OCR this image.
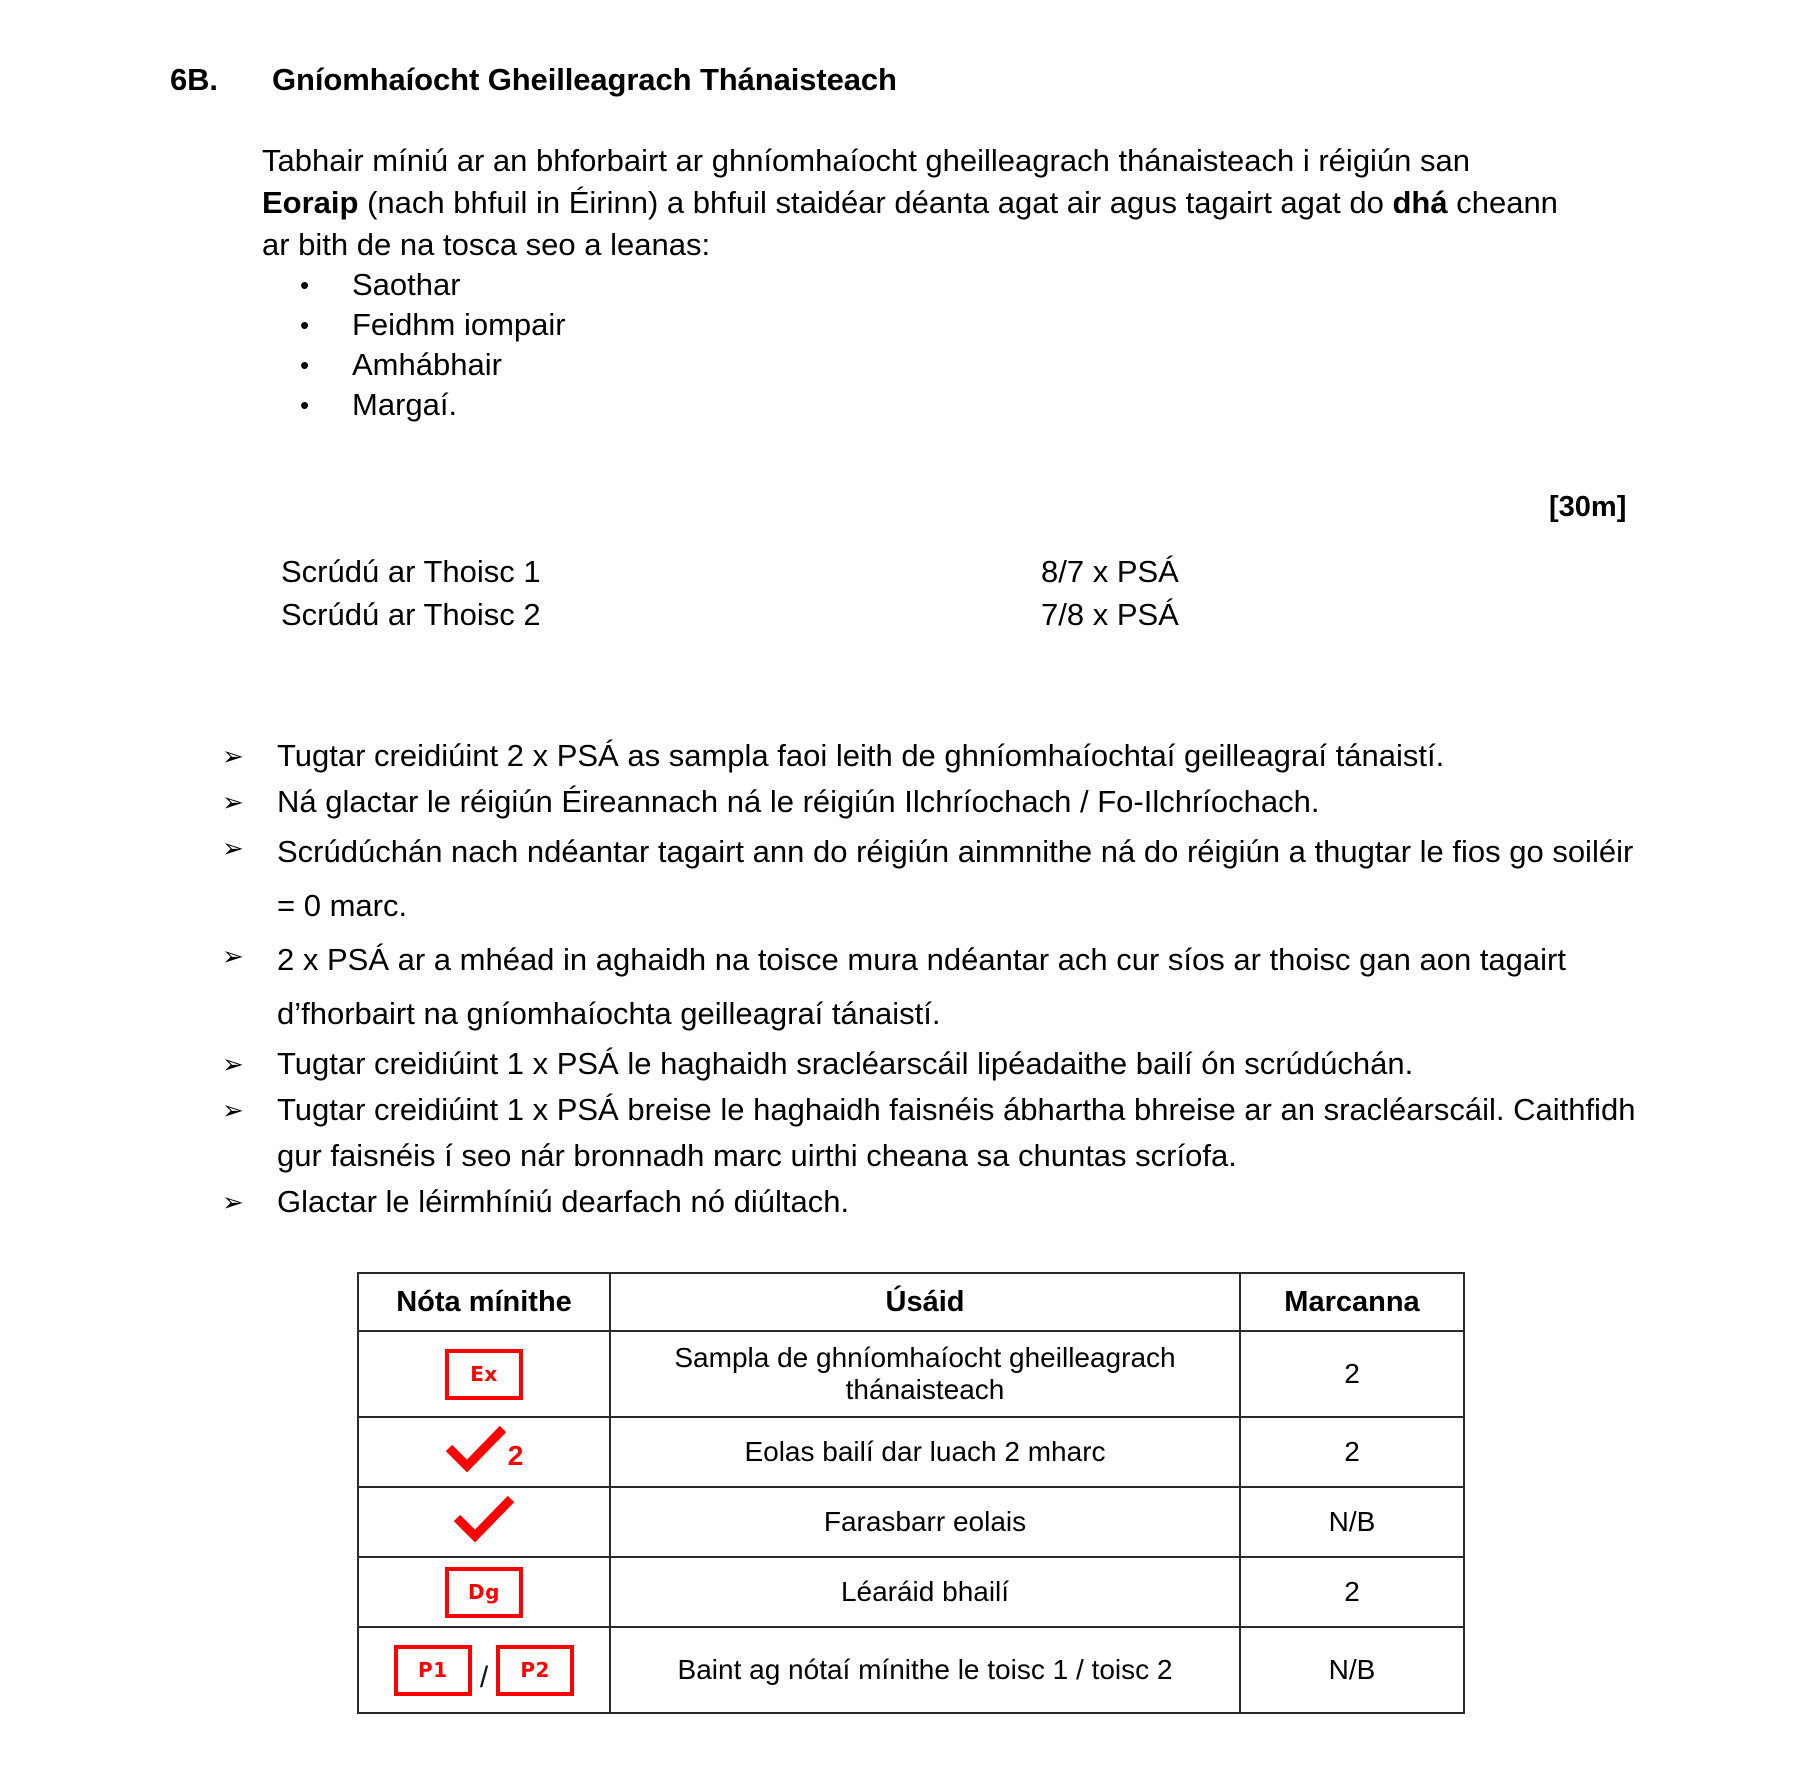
6B. Gníomhaíocht Gheilleagrach Thánaisteach
Tabhair míniú ar an bhforbairt ar ghníomhaíocht gheilleagrach thánaisteach i réigiún san Eoraip (nach bhfuil in Éirinn) a bhfuil staidéar déanta agat air agus tagairt agat do dhá cheann ar bith de na tosca seo a leanas:
•	Saothar
•	Feidhm iompair
•	Amhábhair
•	Margaí.
[30m]
Scrúdú ar Thoisc 1	8/7 x PSÁ
Scrúdú ar Thoisc 2	7/8 x PSÁ
➢	Tugtar creidiúint 2 x PSÁ as sampla faoi leith de ghníomhaíochtaí geilleagraí tánaistí.
➢	Ná glactar le réigiún Éireannach ná le réigiún Ilchríochach / Fo-Ilchríochach.
➢	Scrúdúchán nach ndéantar tagairt ann do réigiún ainmnithe ná do réigiún a thugtar le fios go soiléir = 0 marc.
➢	2 x PSÁ ar a mhéad in aghaidh na toisce mura ndéantar ach cur síos ar thoisc gan aon tagairt d’fhorbairt na gníomhaíochta geilleagraí tánaistí.
➢	Tugtar creidiúint 1 x PSÁ le haghaidh sracléarscáil lipéadaithe bailí ón scrúdúchán.
➢	Tugtar creidiúint 1 x PSÁ breise le haghaidh faisnéis ábhartha bhreise ar an sracléarscáil. Caithfidh gur faisnéis í seo nár bronnadh marc uirthi cheana sa chuntas scríofa.
➢	Glactar le léirmhíniú dearfach nó diúltach.
Nóta mínithe	Úsáid	Marcanna
Ex	Sampla de ghníomhaíocht gheilleagrach thánaisteach	2

2	Eolas bailí dar luach 2 mharc	2

	Farasbarr eolais	N/B
Dg	Léaráid bhailí	2

P1 / P2	Baint ag nótaí mínithe le toisc 1 / toisc 2	N/B
